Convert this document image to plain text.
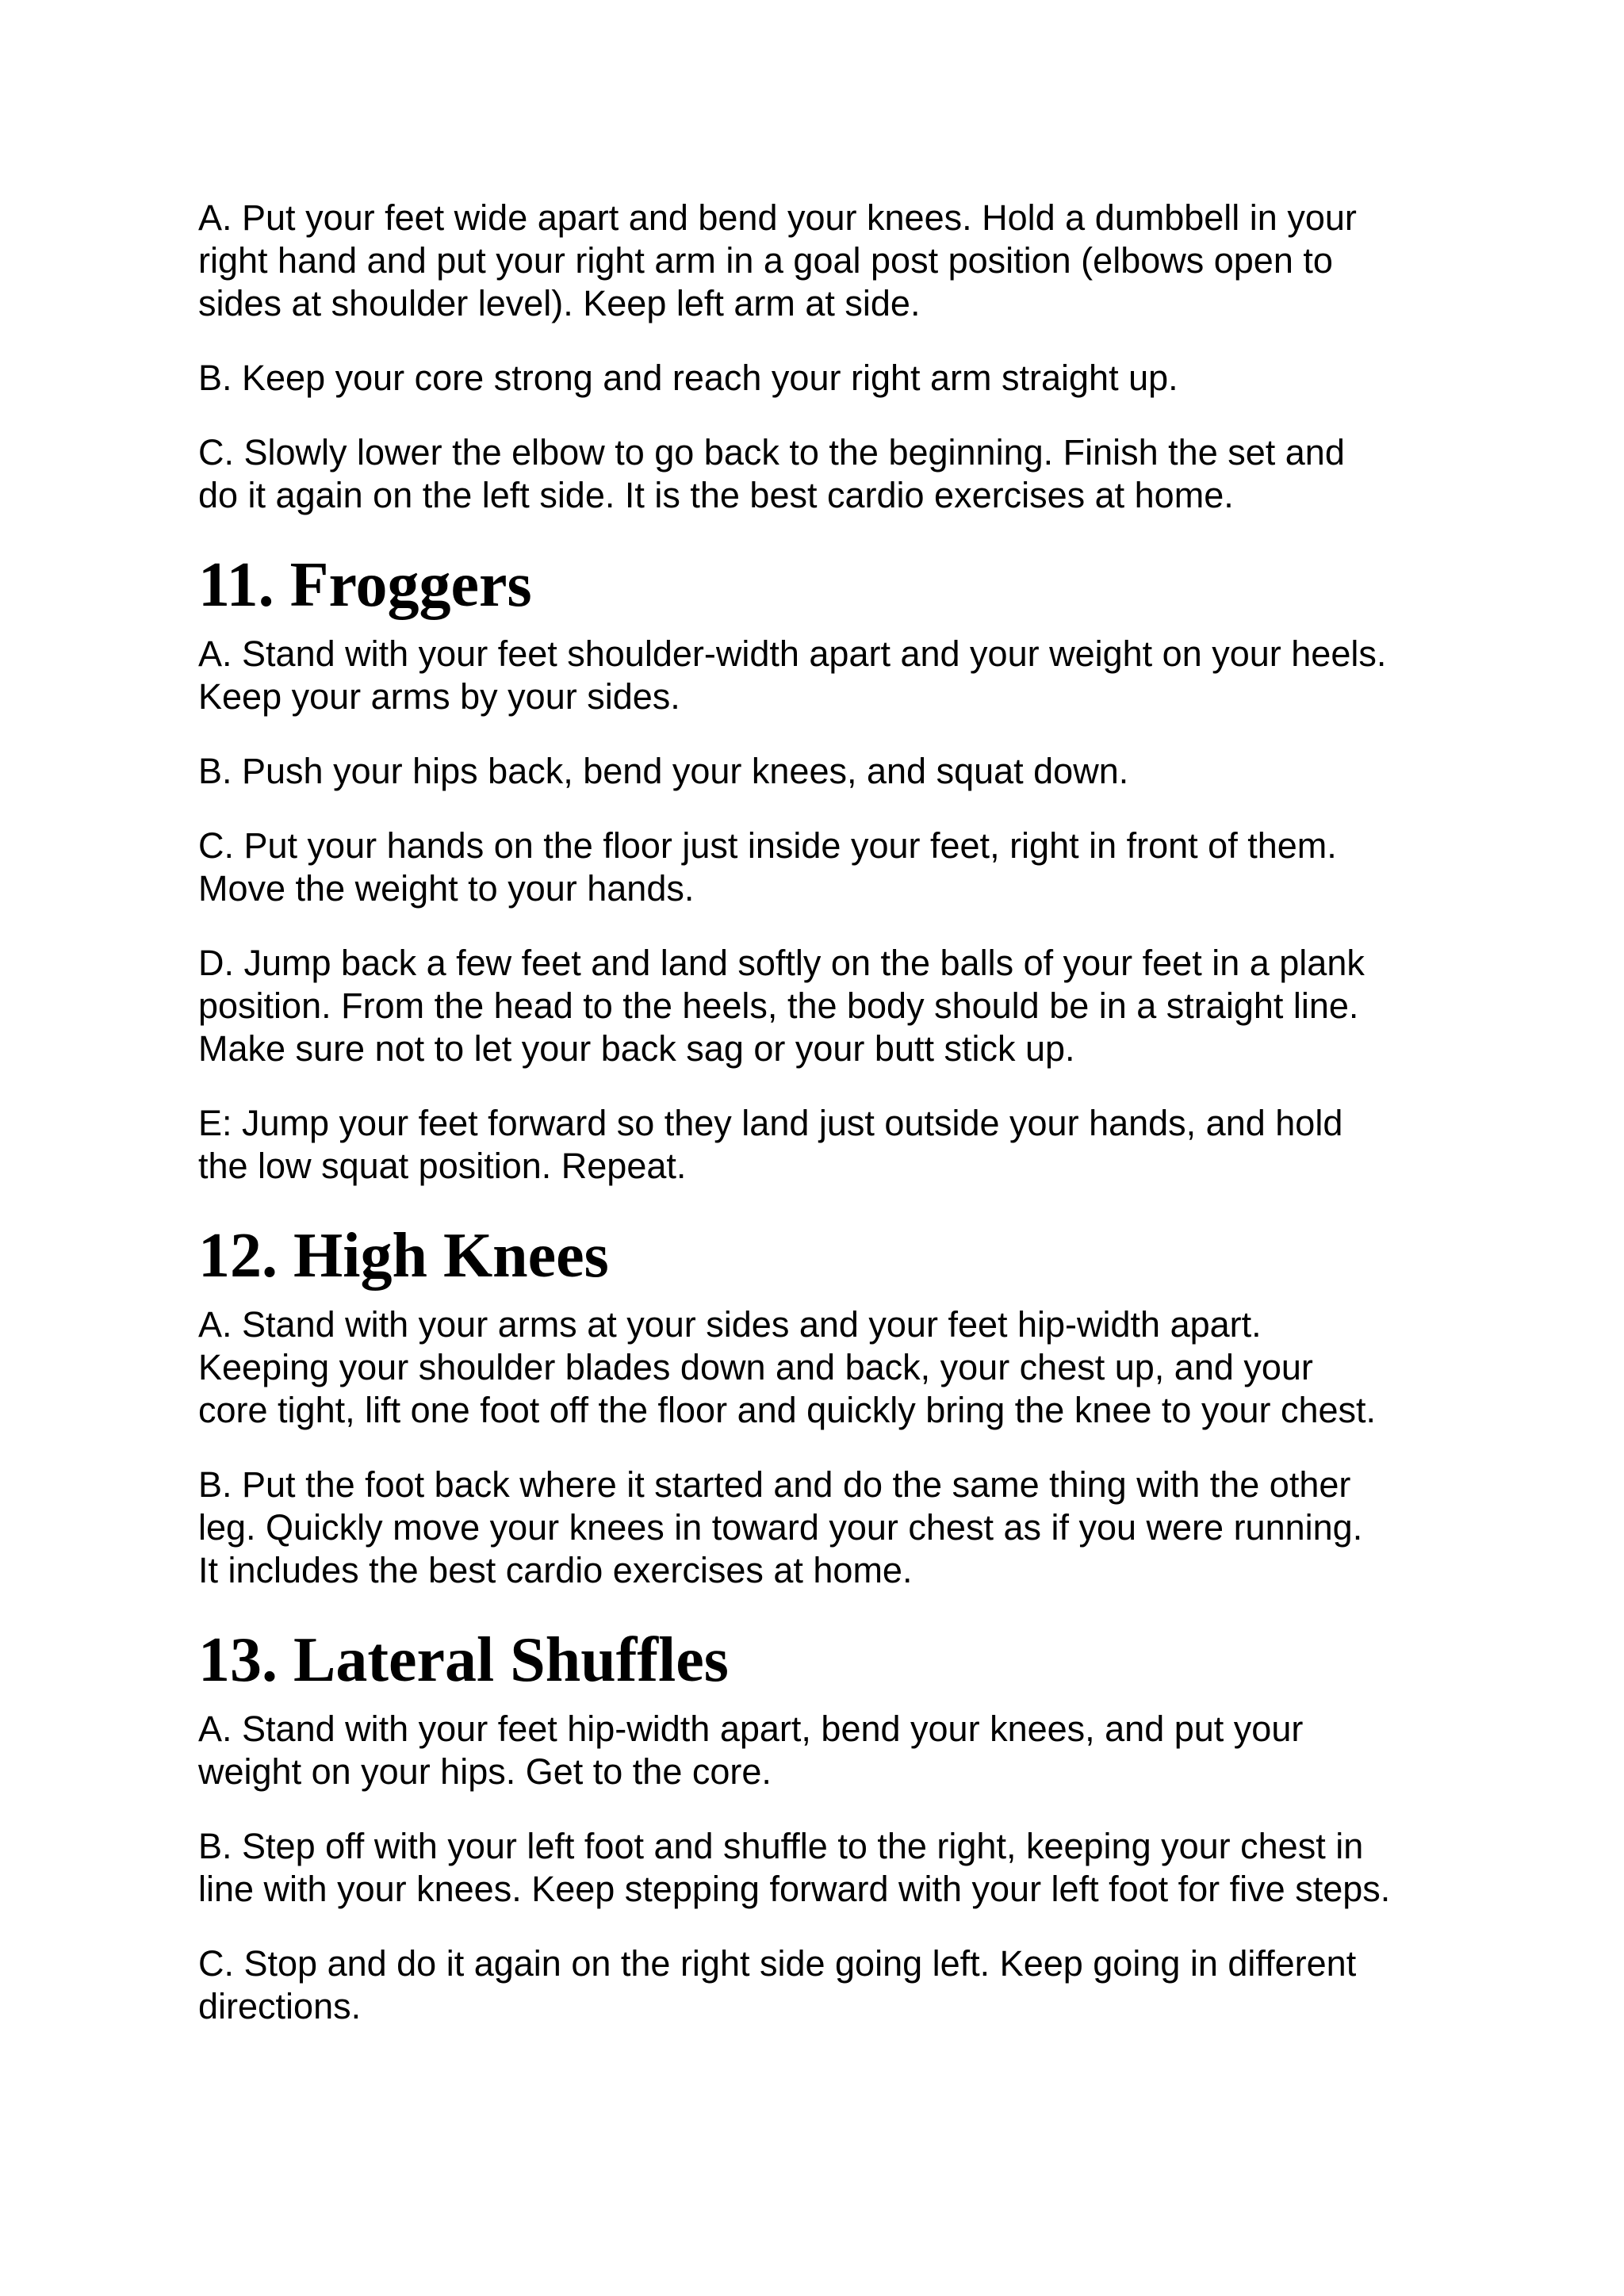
A. Put your feet wide apart and bend your knees. Hold a dumbbell in your
right hand and put your right arm in a goal post position (elbows open to
sides at shoulder level). Keep left arm at side.

B. Keep your core strong and reach your right arm straight up.

C. Slowly lower the elbow to go back to the beginning. Finish the set and
do it again on the left side. It is the best cardio exercises at home.

11. Froggers

A. Stand with your feet shoulder-width apart and your weight on your heels.
Keep your arms by your sides.

B. Push your hips back, bend your knees, and squat down.

C. Put your hands on the floor just inside your feet, right in front of them.
Move the weight to your hands.

D. Jump back a few feet and land softly on the balls of your feet in a plank
position. From the head to the heels, the body should be in a straight line.
Make sure not to let your back sag or your butt stick up.

E: Jump your feet forward so they land just outside your hands, and hold
the low squat position. Repeat.

12. High Knees

A. Stand with your arms at your sides and your feet hip-width apart.
Keeping your shoulder blades down and back, your chest up, and your
core tight, lift one foot off the floor and quickly bring the knee to your chest.

B. Put the foot back where it started and do the same thing with the other
leg. Quickly move your knees in toward your chest as if you were running.
It includes the best cardio exercises at home.

13. Lateral Shuffles

A. Stand with your feet hip-width apart, bend your knees, and put your
weight on your hips. Get to the core.

B. Step off with your left foot and shuffle to the right, keeping your chest in
line with your knees. Keep stepping forward with your left foot for five steps.

C. Stop and do it again on the right side going left. Keep going in different
directions.
